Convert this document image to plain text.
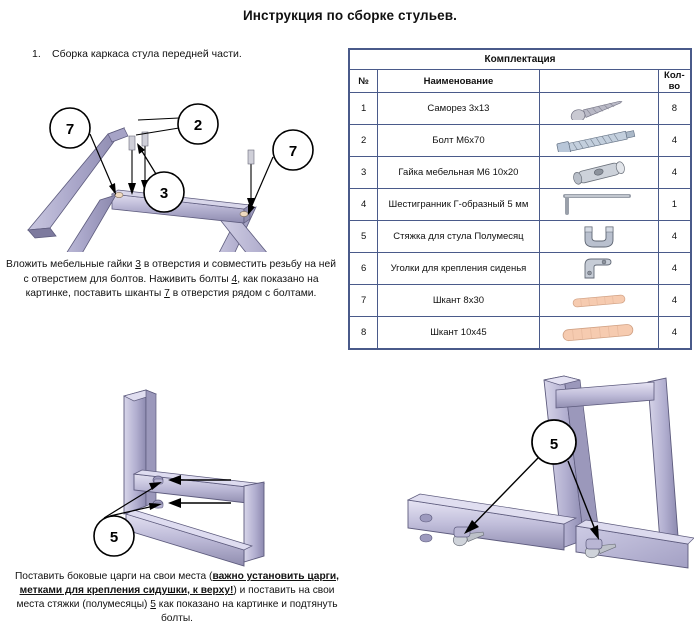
Инструкция по сборке стульев.
1. Сборка каркаса стула передней части.
2
7
7
3
Вложить мебельные гайки 3 в отверстия и совместить резьбу на ней с отверстием для болтов. Наживить болты 4, как показано на картинке, поставить шканты 7 в отверстия рядом с болтами.
Комплектация			
№	Наименование		Кол-во
1	Саморез 3х13		8
2	Болт М6х70		4
3	Гайка мебельная М6 10х20		4
4	Шестигранник Г-образный 5 мм		1
5	Стяжка для стула Полумесяц		4
6	Уголки для крепления сиденья		4
7	Шкант 8х30		4
8	Шкант 10х45		4
5
5
Поставить боковые царги на свои места (важно установить царги, метками для крепления сидушки, к верху!) и поставить на свои места стяжки (полумесяцы) 5 как показано на картинке и подтянуть болты.
